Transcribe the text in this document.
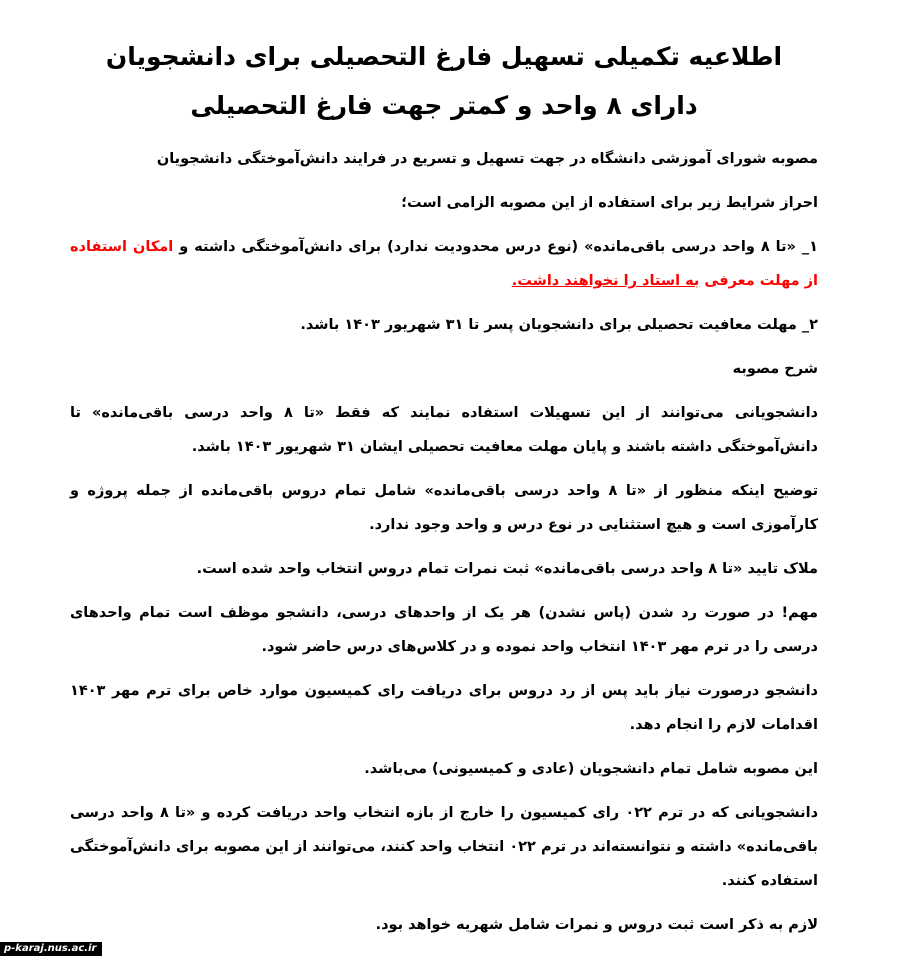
اطلاعیه تکمیلی تسهیل فارغ التحصیلی برای دانشجویان دارای ۸ واحد و کمتر جهت فارغ التحصیلی
مصوبه شورای آموزشی دانشگاه در جهت تسهیل و تسریع در فرایند دانش‌آموختگی دانشجویان
احراز شرایط زیر برای استفاده از این مصوبه الزامی است؛
۱_ «تا ۸ واحد درسی باقی‌مانده» (نوع درس محدودیت ندارد) برای دانش‌آموختگی داشته و امکان استفاده از مهلت معرفی به استاد را نخواهند داشت.
۲_ مهلت معافیت تحصیلی برای دانشجویان پسر تا ۳۱ شهریور ۱۴۰۳ باشد.
شرح مصوبه
دانشجویانی می‌توانند از این تسهیلات استفاده نمایند که فقط «تا ۸ واحد درسی باقی‌مانده» تا دانش‌آموختگی داشته باشند و پایان مهلت معافیت تحصیلی ایشان ۳۱ شهریور ۱۴۰۳ باشد.
توضیح اینکه منظور از «تا ۸ واحد درسی باقی‌مانده» شامل تمام دروس باقی‌مانده از جمله پروژه و کارآموزی است و هیچ استثنایی در نوع درس و واحد وجود ندارد.
ملاک تایید «تا ۸ واحد درسی باقی‌مانده» ثبت نمرات تمام دروس انتخاب واحد شده است.
مهم! در صورت رد شدن (پاس نشدن) هر یک از واحدهای درسی، دانشجو موظف است تمام واحدهای درسی را در ترم مهر ۱۴۰۳ انتخاب واحد نموده و در کلاس‌های درس حاضر شود.
دانشجو درصورت نیاز باید پس از رد دروس برای دریافت رای کمیسیون موارد خاص برای ترم مهر ۱۴۰۳ اقدامات لازم را انجام دهد.
این مصوبه شامل تمام دانشجویان (عادی و کمیسیونی) می‌باشد.
دانشجویانی که در ترم ۰۲۲ رای کمیسیون را خارج از بازه انتخاب واحد دریافت کرده و «تا ۸ واحد درسی باقی‌مانده» داشته و نتوانسته‌اند در ترم ۰۲۲ انتخاب واحد کنند، می‌توانند از این مصوبه برای دانش‌آموختگی استفاده کنند.
لازم به ذکر است ثبت دروس و نمرات شامل شهریه خواهد بود.
p-karaj.nus.ac.ir
